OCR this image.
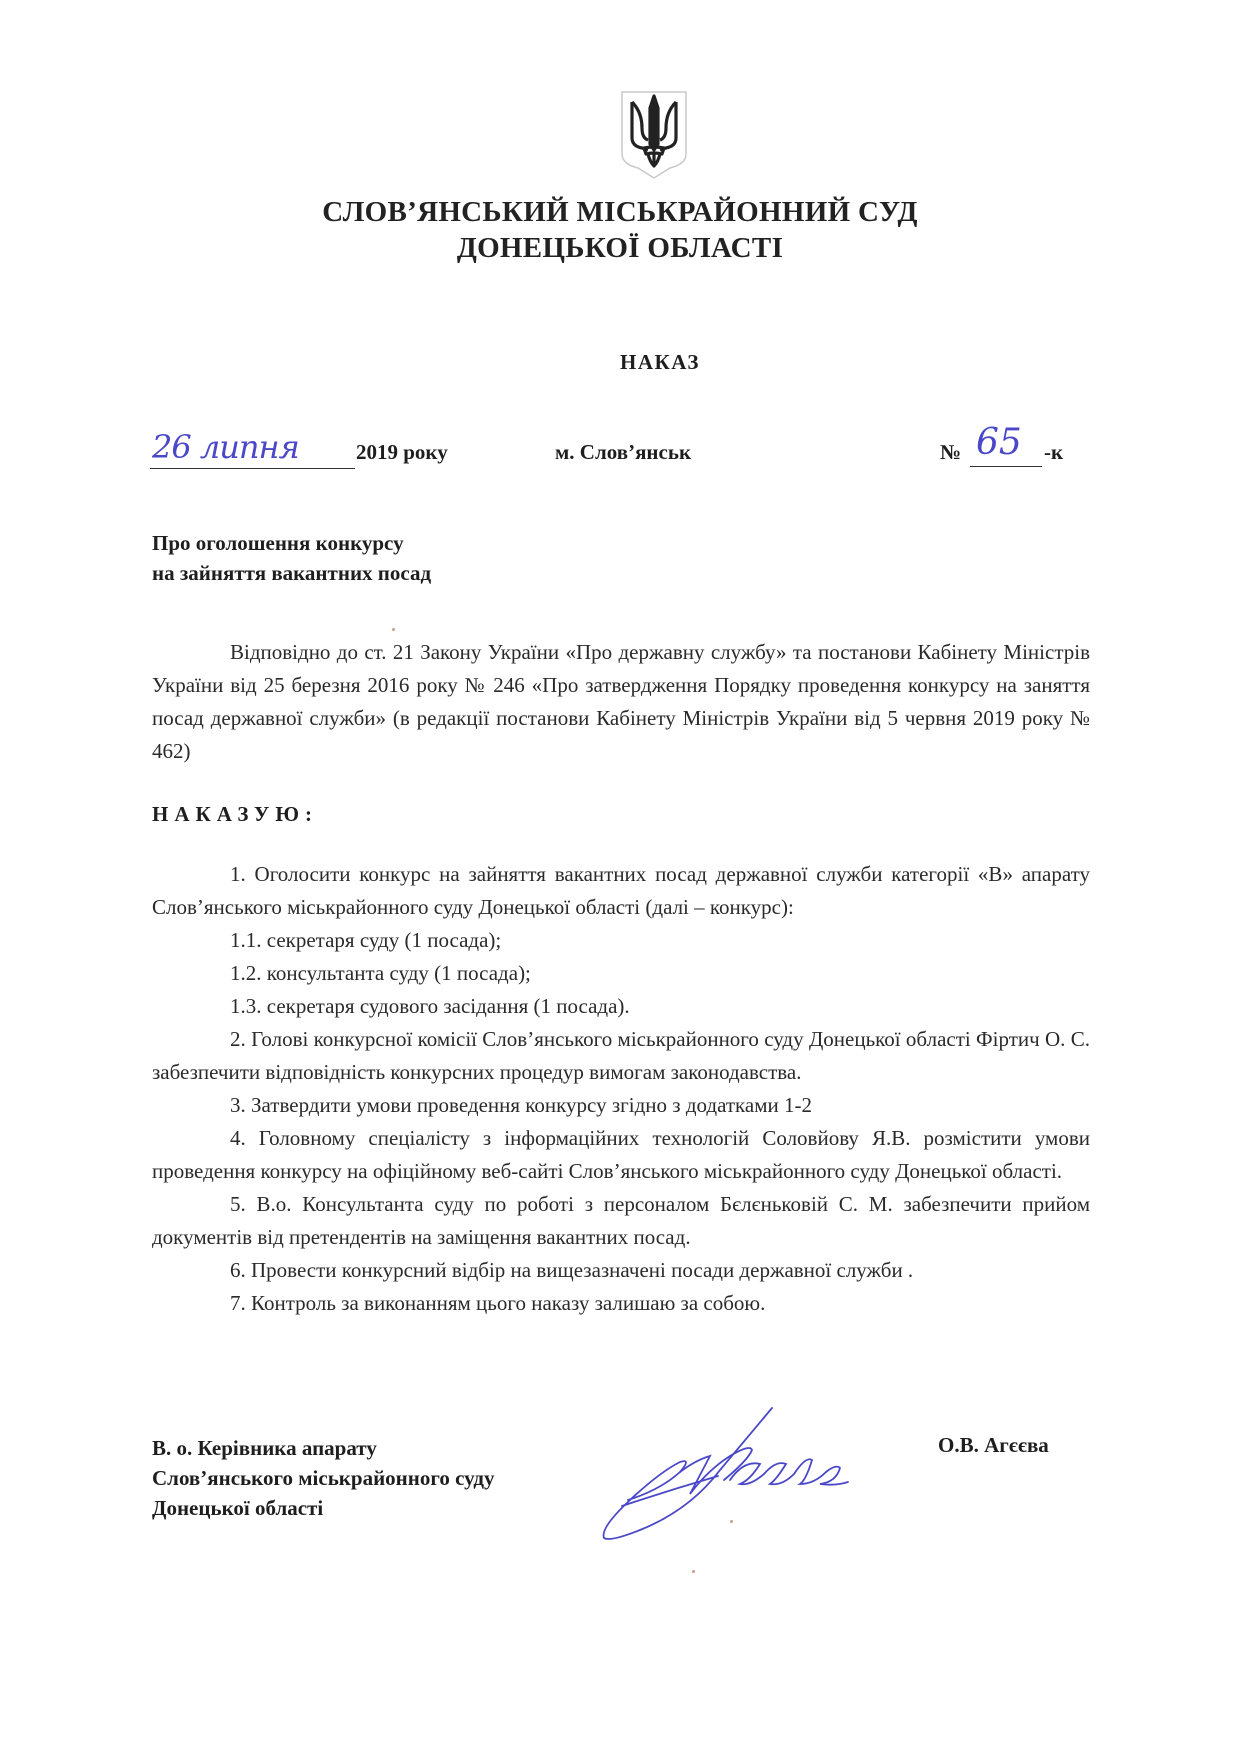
СЛОВ’ЯНСЬКИЙ МІСЬКРАЙОННИЙ СУД
ДОНЕЦЬКОЇ ОБЛАСТІ
НАКАЗ
26 липня	2019 року	м. Слов’янськ	№ 65 -к
Про оголошення конкурсу
на зайняття вакантних посад

Відповідно до ст. 21 Закону України «Про державну службу» та постанови Кабінету Міністрів України від 25 березня 2016 року № 246 «Про затвердження Порядку проведення конкурсу на заняття посад державної служби» (в редакції постанови Кабінету Міністрів України від 5 червня 2019 року № 462)

НАКАЗУЮ:

1. Оголосити конкурс на зайняття вакантних посад державної служби категорії «В» апарату Слов’янського міськрайонного суду Донецької області (далі – конкурс):

1.1. секретаря суду (1 посада);

1.2. консультанта суду (1 посада);

1.3. секретаря судового засідання (1 посада).

2. Голові конкурсної комісії Слов’янського міськрайонного суду Донецької області Фіртич О. С. забезпечити відповідність конкурсних процедур вимогам законодавства.

3. Затвердити умови проведення конкурсу згідно з додатками 1-2

4. Головному спеціалісту з інформаційних технологій Соловйову Я.В. розмістити умови проведення конкурсу на офіційному веб-сайті Слов’янського міськрайонного суду Донецької області.

5. В.о. Консультанта суду по роботі з персоналом Бєлєньковій С. М. забезпечити прийом документів від претендентів на заміщення вакантних посад.

6. Провести конкурсний відбір на вищезазначені посади державної служби .

7. Контроль за виконанням цього наказу залишаю за собою.

В. о. Керівника апарату
Слов’янського міськрайонного суду
Донецької області
О.В. Агєєва
